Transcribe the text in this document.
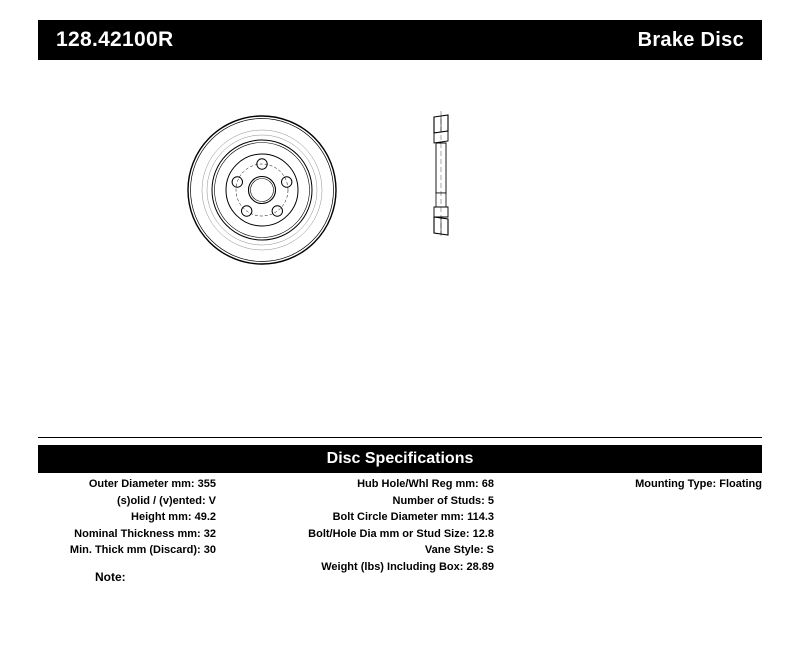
128.42100R	Brake Disc
Disc Specifications
Outer Diameter mm: 355
(s)olid / (v)ented: V
Height mm: 49.2
Nominal Thickness mm: 32
Min. Thick mm (Discard): 30
Hub Hole/Whl Reg mm: 68
Number of Studs: 5
Bolt Circle Diameter mm: 114.3
Bolt/Hole Dia mm or Stud Size: 12.8
Vane Style: S
Weight (lbs) Including Box: 28.89
Mounting Type: Floating
Note:
